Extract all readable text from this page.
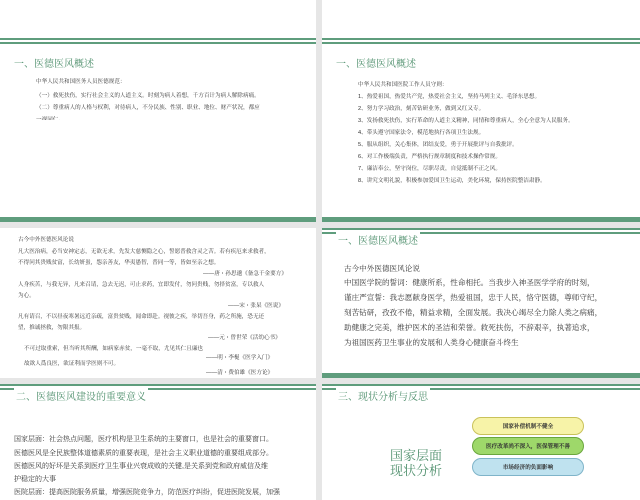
一、医德医风概述
中华人民共和国医务人员医德规范：
（一）救死扶伤，实行社会主义的人道主义。时刻为病人着想，千方百计为病人解除病痛。
（二）尊重病人的人格与权利，对待病人，不分民族、性别、职业、地位、财产状况，都应
一、医德医风概述
中华人民共和国医院工作人员守则：
1、热爱祖国，热爱共产党，热爱社会主义，坚持马列主义、毛泽东思想。
2、努力学习政治，刻苦钻研业务，做到又红又专。
3、发扬救死扶伤，实行革命的人道主义精神，同情和尊重病人，全心全意为人民服务。
4、带头遵守国家法令，模范地执行各项卫生法规。
5、服从组织，关心集体，团结友爱，勇于开展批评与自我批评。
6、对工作极端负责，严格执行规章制度和技术操作常规。
7、廉洁奉公，坚守岗位，尽职尽责，自觉抵制不正之风。
8、讲究文明礼貌，积极参加爱国卫生运动，美化环境，保持医院整洁肃静。
古今中外医德医风论说
凡大医治病，必当安神定志，无欲无求，先发大慈恻隐之心，誓愿普救含灵之苦。若有疾厄来求救者，
不得问其贵贱贫富，长幼妍蚩，怨亲善友，华夷愚智，普同一等，皆如至亲之想。
——唐・孙思邈《备急千金要方》
人身疾苦，与我无异，凡来召请，急去无迟，可止求药，宜即发付，勿问贵贱，勿择贫富，专以救人
为心。
——宋・张杲《医说》
凡有请召，不以昼夜寒暑远近亲疏，富贵贫贱，闻命即赴。视彼之疾，举切吾身，药之所施，恐无还
望，推诚拯救，勿限其报。
——元・曾世荣《活幼心书》
不可过取重索，但当听其所酬，如病家赤贫，一毫不取，尤见其仁且廉也
——明・李梴《医学入门》
故欲人爲良医，欲证利而学医则不可。
——清・费伯雄《医方论》
一、医德医风概述
古今中外医德医风论说
中国医学院的誓词：健康所系，性命相托。当我步入神圣医学学府的时刻，
谨庄严宣誓：我志愿献身医学，热爱祖国，忠于人民，恪守医德，尊师守纪，
刻苦钻研，孜孜不倦，精益求精，全面发展。我决心竭尽全力除人类之病痛，
助健康之完美，维护医术的圣洁和荣誉。救死扶伤，不辞艰辛，执著追求，
为祖国医药卫生事业的发展和人类身心健康奋斗终生
二、医德医风建设的重要意义
国家层面：社会热点问题，医疗机构是卫生系统的主要窗口，也是社会的重要窗口。
医德医风是全民族整体道德素质的重要表现，是社会主义职业道德的重要组成部分。
医德医风的好坏是关系到医疗卫生事业兴衰成败的关键,是关系到党和政府威信及维
护稳定的大事
医院层面：提高医院服务质量，增强医院竞争力，防范医疗纠纷，促进医院发展，加强
三、现状分析与反思
国家层面
现状分析
国家补偿机制不健全
医疗改革尚不深入，医保管理不善
市场经济的负面影响
